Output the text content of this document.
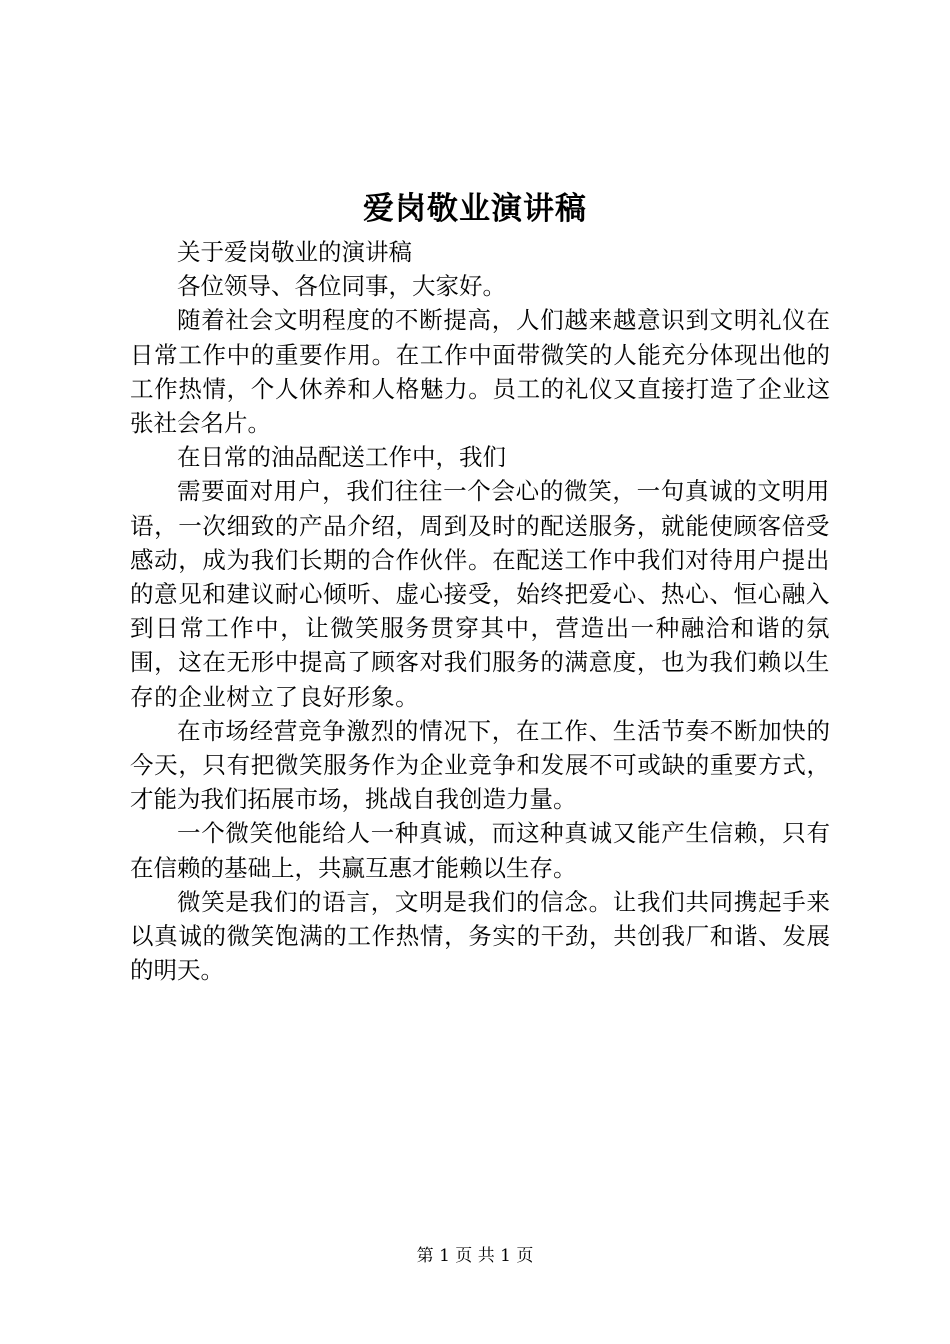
爱岗敬业演讲稿

关于爱岗敬业的演讲稿

各位领导、各位同事，大家好。

随着社会文明程度的不断提高，人们越来越意识到文明礼仪在日常工作中的重要作用。在工作中面带微笑的人能充分体现出他的工作热情，个人休养和人格魅力。员工的礼仪又直接打造了企业这张社会名片。

在日常的油品配送工作中，我们

需要面对用户，我们往往一个会心的微笑，一句真诚的文明用语，一次细致的产品介绍，周到及时的配送服务，就能使顾客倍受感动，成为我们长期的合作伙伴。在配送工作中我们对待用户提出的意见和建议耐心倾听、虚心接受，始终把爱心、热心、恒心融入到日常工作中，让微笑服务贯穿其中，营造出一种融洽和谐的氛围，这在无形中提高了顾客对我们服务的满意度，也为我们赖以生存的企业树立了良好形象。

在市场经营竞争激烈的情况下，在工作、生活节奏不断加快的今天，只有把微笑服务作为企业竞争和发展不可或缺的重要方式，才能为我们拓展市场，挑战自我创造力量。

一个微笑他能给人一种真诚，而这种真诚又能产生信赖，只有在信赖的基础上，共赢互惠才能赖以生存。

微笑是我们的语言，文明是我们的信念。让我们共同携起手来以真诚的微笑饱满的工作热情，务实的干劲，共创我厂和谐、发展的明天。

第 1 页 共 1 页
